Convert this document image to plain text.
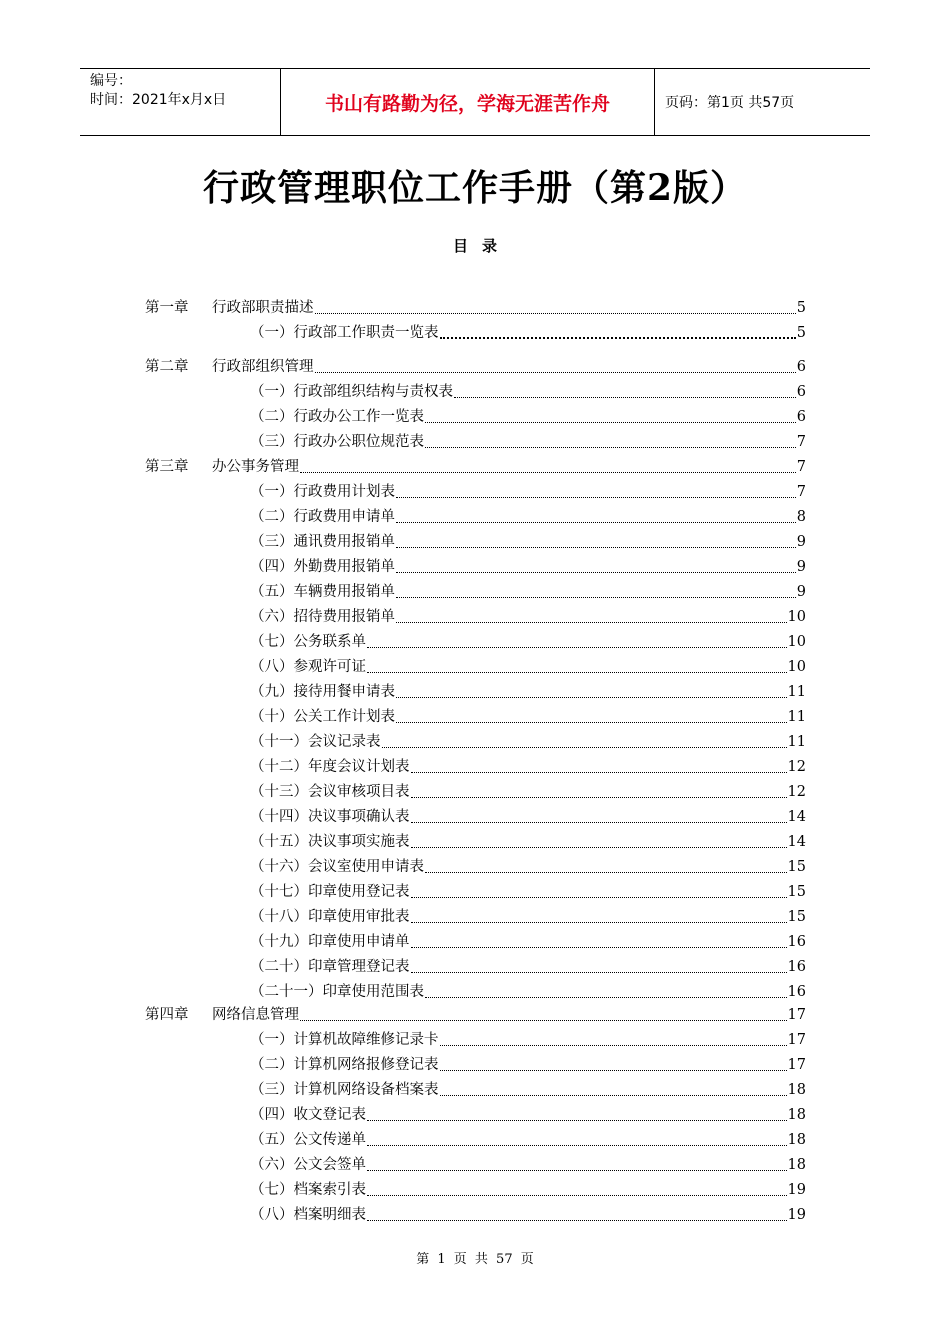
编号：
时间：2021年x月x日	书山有路勤为径，学海无涯苦作舟	页码：第1页 共57页
行政管理职位工作手册（第2版）
目录
第一章 行政部职责描述	5
（一）行政部工作职责一览表	5
第二章 行政部组织管理	6
（一）行政部组织结构与责权表	6
（二）行政办公工作一览表	6
（三）行政办公职位规范表	7
第三章 办公事务管理	7
（一）行政费用计划表	7
（二）行政费用申请单	8
（三）通讯费用报销单	9
（四）外勤费用报销单	9
（五）车辆费用报销单	9
（六）招待费用报销单	10
（七）公务联系单	10
（八）参观许可证	10
（九）接待用餐申请表	11
（十）公关工作计划表	11
（十一）会议记录表	11
（十二）年度会议计划表	12
（十三）会议审核项目表	12
（十四）决议事项确认表	14
（十五）决议事项实施表	14
（十六）会议室使用申请表	15
（十七）印章使用登记表	15
（十八）印章使用审批表	15
（十九）印章使用申请单	16
（二十）印章管理登记表	16
（二十一）印章使用范围表	16
第四章 网络信息管理	17
（一）计算机故障维修记录卡	17
（二）计算机网络报修登记表	17
（三）计算机网络设备档案表	18
（四）收文登记表	18
（五）公文传递单	18
（六）公文会签单	18
（七）档案索引表	19
（八）档案明细表	19
第 1 页 共 57 页
